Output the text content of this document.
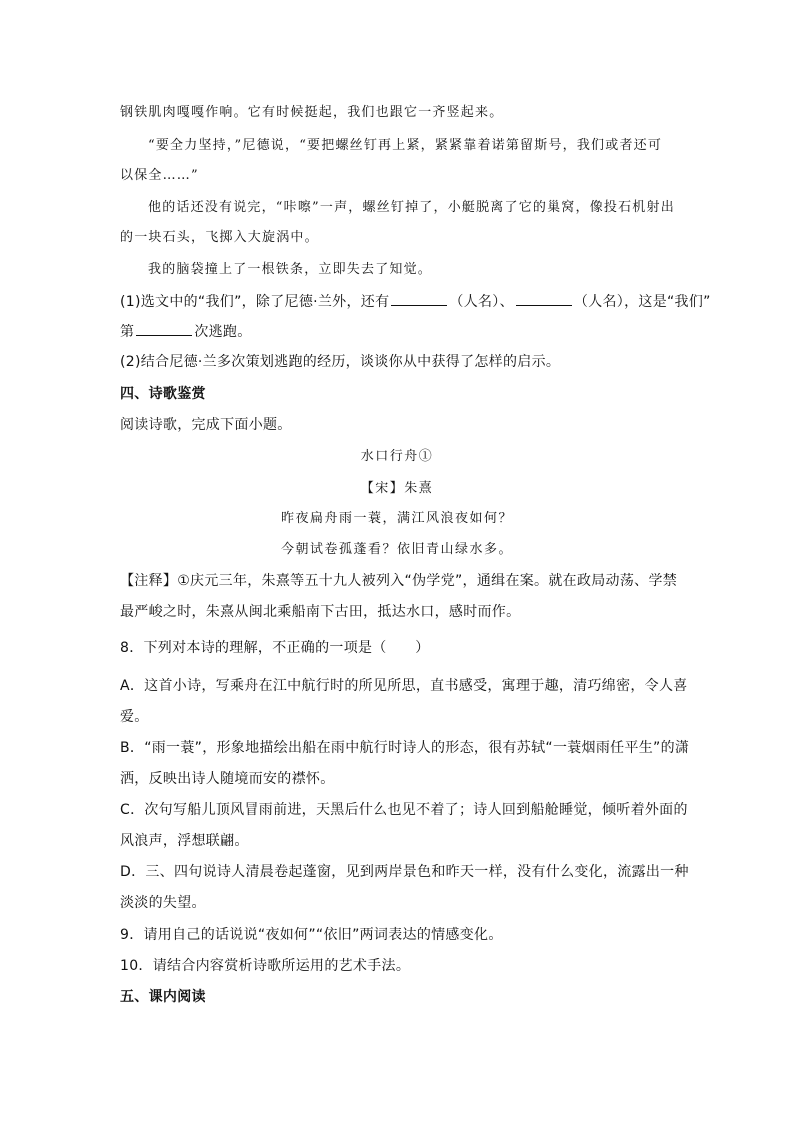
钢铁肌肉嘎嘎作响。它有时候挺起，我们也跟它一齐竖起来。
“要全力坚持，”尼德说，“要把螺丝钉再上紧，紧紧靠着诺第留斯号，我们或者还可
以保全……”
他的话还没有说完，“咔嚓”一声，螺丝钉掉了，小艇脱离了它的巢窝，像投石机射出
的一块石头，飞掷入大旋涡中。
我的脑袋撞上了一根铁条，立即失去了知觉。
(1)选文中的“我们”，除了尼德·兰外，还有	（人名）、	（人名），这是“我们”
第	次逃跑。
(2)结合尼德·兰多次策划逃跑的经历，谈谈你从中获得了怎样的启示。
四、诗歌鉴赏
阅读诗歌，完成下面小题。
水口行舟①
【宋】朱熹
昨夜扁舟雨一蓑，满江风浪夜如何？
今朝试卷孤蓬看？依旧青山绿水多。
【注释】①庆元三年，朱熹等五十九人被列入“伪学党”，通缉在案。就在政局动荡、学禁
最严峻之时，朱熹从闽北乘船南下古田，抵达水口，感时而作。
8．下列对本诗的理解，不正确的一项是（　　）
A．这首小诗，写乘舟在江中航行时的所见所思，直书感受，寓理于趣，清巧绵密，令人喜
爱。
B．“雨一蓑”，形象地描绘出船在雨中航行时诗人的形态，很有苏轼“一蓑烟雨任平生”的潇
洒，反映出诗人随境而安的襟怀。
C．次句写船儿顶风冒雨前进，天黑后什么也见不着了；诗人回到船舱睡觉，倾听着外面的
风浪声，浮想联翩。
D．三、四句说诗人清晨卷起蓬窗，见到两岸景色和昨天一样，没有什么变化，流露出一种
淡淡的失望。
9．请用自己的话说说“夜如何”“依旧”两词表达的情感变化。
10．请结合内容赏析诗歌所运用的艺术手法。
五、课内阅读
